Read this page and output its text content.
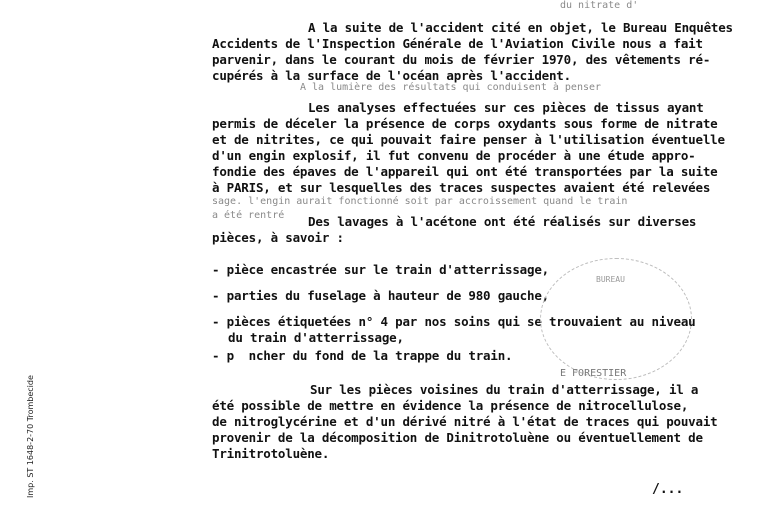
du nitrate d'
A la lumière des résultats qui conduisent à penser
sage. l'engin aurait fonctionné soit par accroissement quand le train
a été rentré
A la suite de l'accident cité en objet, le Bureau Enquêtes
Accidents de l'Inspection Générale de l'Aviation Civile nous a fait
parvenir, dans le courant du mois de février 1970, des vêtements ré-
cupérés à la surface de l'océan après l'accident.
Les analyses effectuées sur ces pièces de tissus ayant
permis de déceler la présence de corps oxydants sous forme de nitrate
et de nitrites, ce qui pouvait faire penser à l'utilisation éventuelle
d'un engin explosif, il fut convenu de procéder à une étude appro-
fondie des épaves de l'appareil qui ont été transportées par la suite
à PARIS, et sur lesquelles des traces suspectes avaient été relevées
Des lavages à l'acétone ont été réalisés sur diverses
pièces, à savoir :
- pièce encastrée sur le train d'atterrissage,
- parties du fuselage à hauteur de 980 gauche,
- pièces étiquetées n° 4 par nos soins qui se trouvaient au niveau
du train d'atterrissage,
- p  ncher du fond de la trappe du train.
BUREAU
E FORESTIER
Sur les pièces voisines du train d'atterrissage, il a
été possible de mettre en évidence la présence de nitrocellulose,
de nitroglycérine et d'un dérivé nitré à l'état de traces qui pouvait
provenir de la décomposition de Dinitrotoluène ou éventuellement de
Trinitrotoluène.
/...
Imp. ST 1648-2-70 Trombecide
